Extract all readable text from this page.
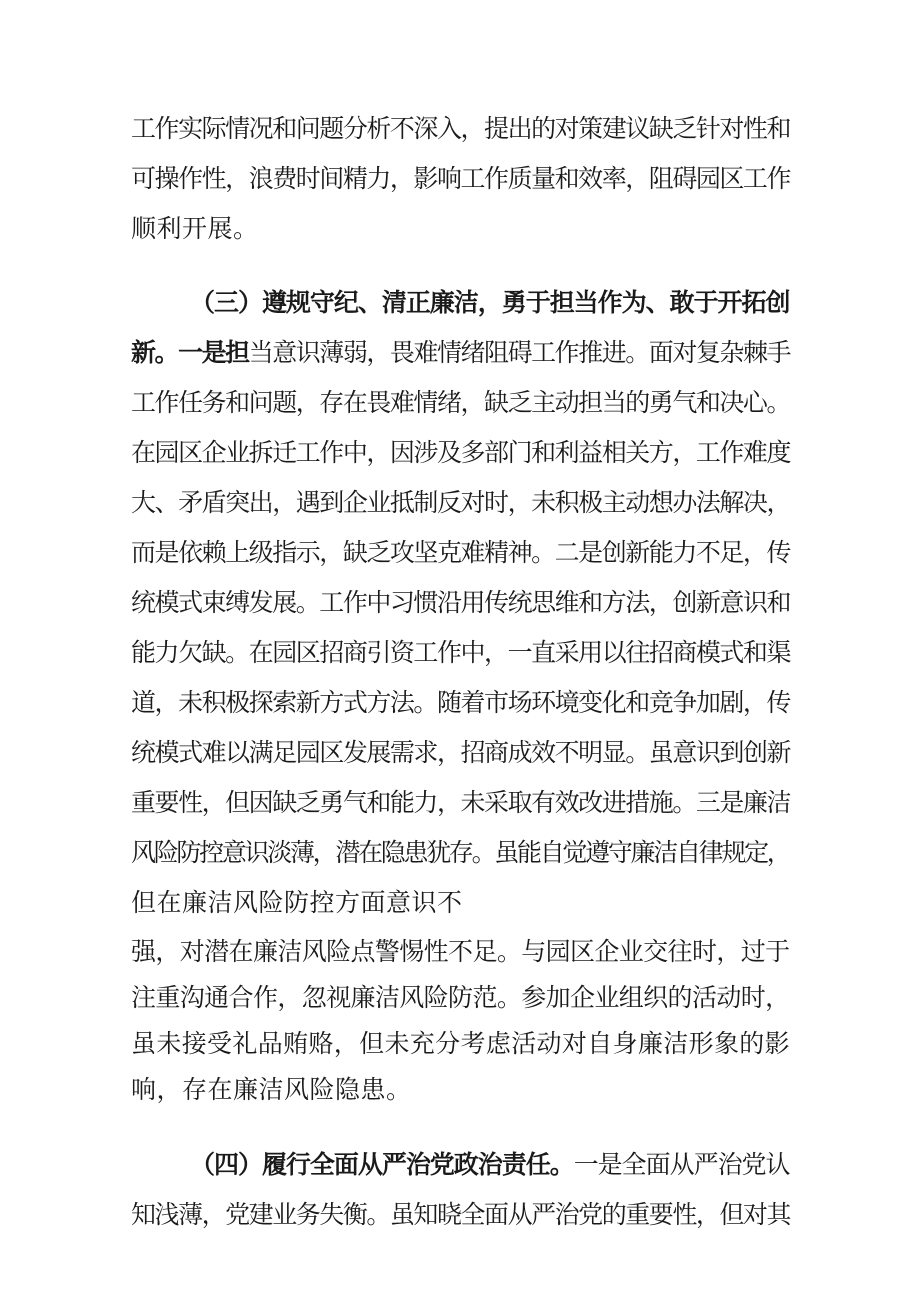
工作实际情况和问题分析不深入，提出的对策建议缺乏针对性和
可操作性，浪费时间精力，影响工作质量和效率，阻碍园区工作
顺利开展。
（三）遵规守纪、清正廉洁，勇于担当作为、敢于开拓创
新。一是担当意识薄弱，畏难情绪阻碍工作推进。面对复杂棘手
工作任务和问题，存在畏难情绪，缺乏主动担当的勇气和决心。
在园区企业拆迁工作中，因涉及多部门和利益相关方，工作难度
大、矛盾突出，遇到企业抵制反对时，未积极主动想办法解决，
而是依赖上级指示，缺乏攻坚克难精神。二是创新能力不足，传
统模式束缚发展。工作中习惯沿用传统思维和方法，创新意识和
能力欠缺。在园区招商引资工作中，一直采用以往招商模式和渠
道，未积极探索新方式方法。随着市场环境变化和竞争加剧，传
统模式难以满足园区发展需求，招商成效不明显。虽意识到创新
重要性，但因缺乏勇气和能力，未采取有效改进措施。三是廉洁
风险防控意识淡薄，潜在隐患犹存。虽能自觉遵守廉洁自律规定，
但在廉洁风险防控方面意识不
强，对潜在廉洁风险点警惕性不足。与园区企业交往时，过于
注重沟通合作，忽视廉洁风险防范。参加企业组织的活动时，
虽未接受礼品贿赂，但未充分考虑活动对自身廉洁形象的影
响，存在廉洁风险隐患。
（四）履行全面从严治党政治责任。一是全面从严治党认
知浅薄，党建业务失衡。虽知晓全面从严治党的重要性，但对其
